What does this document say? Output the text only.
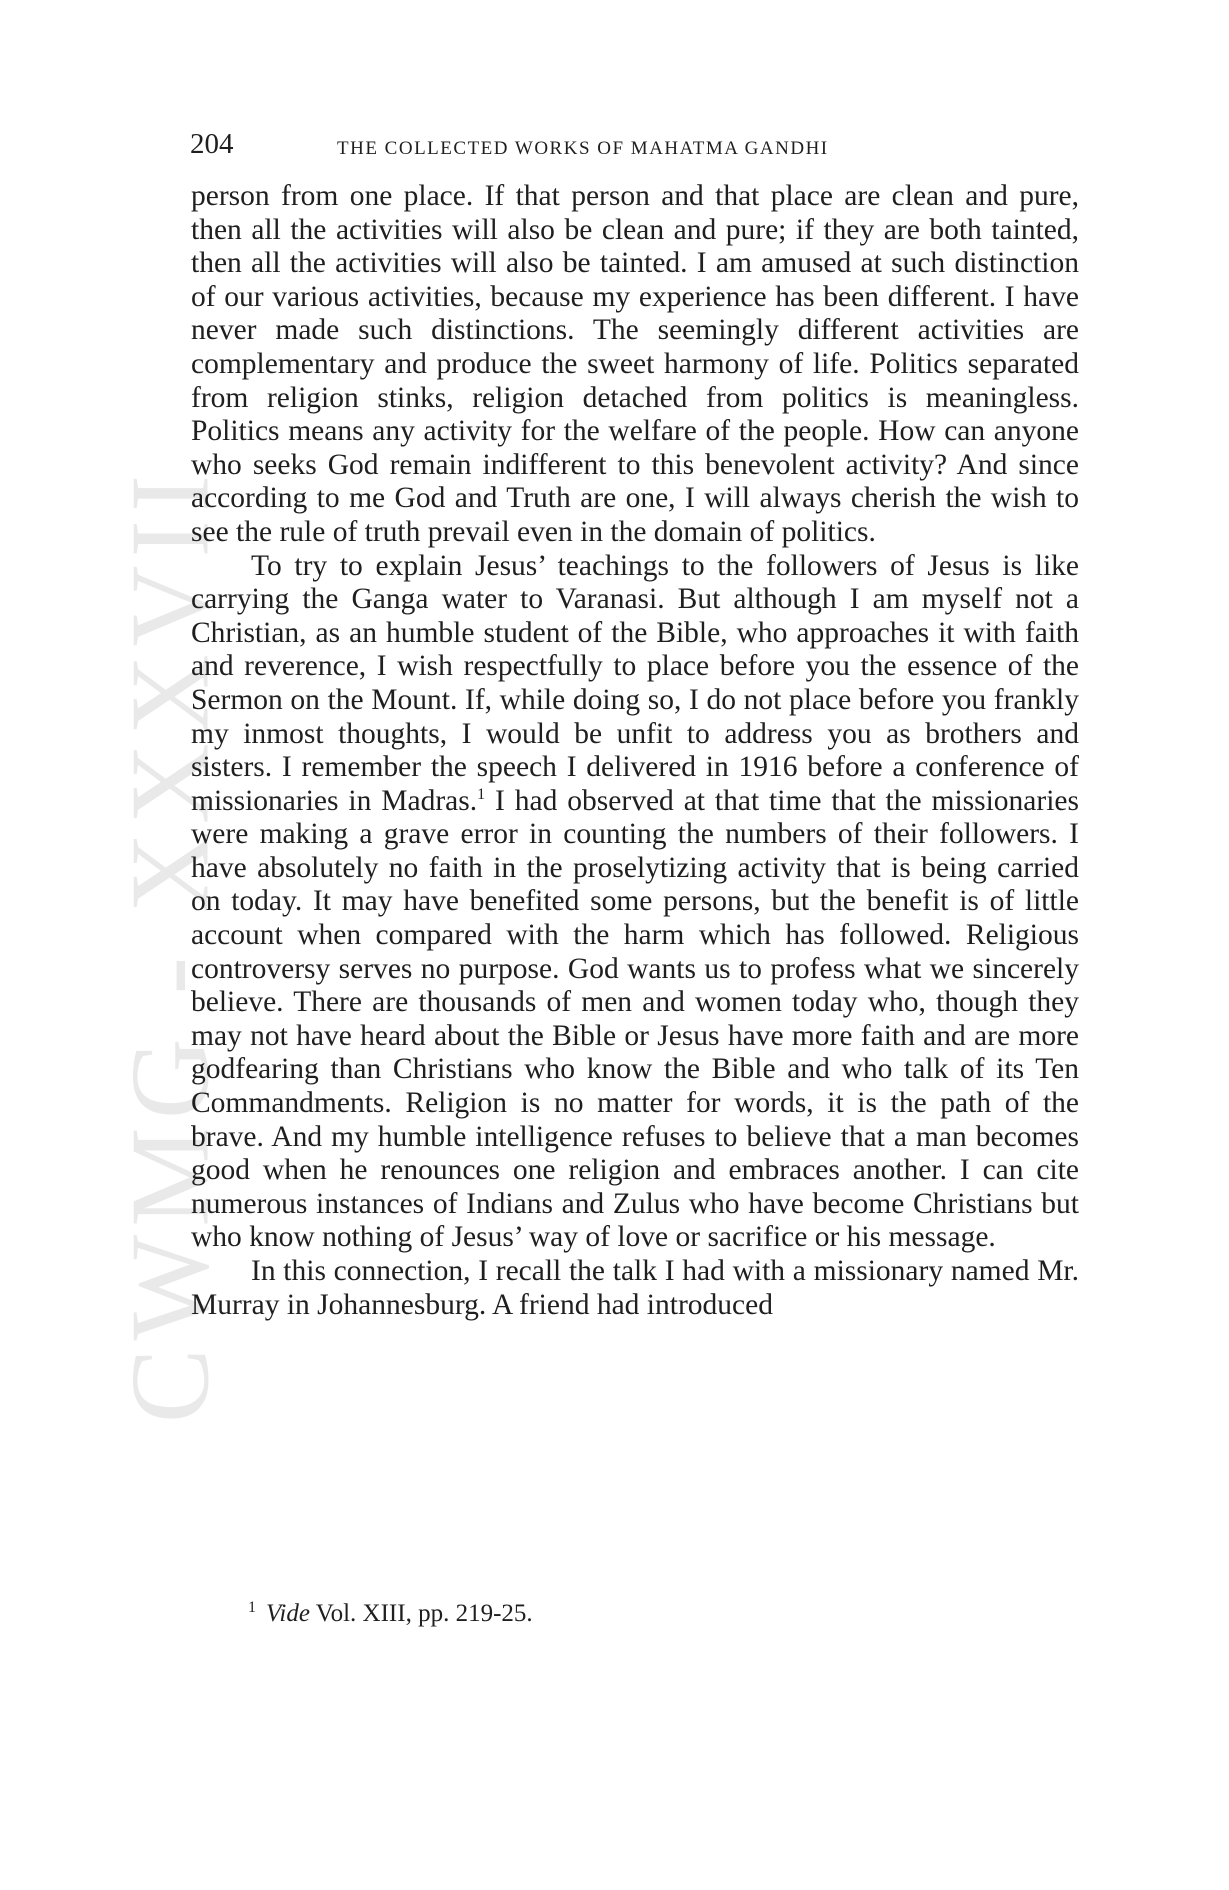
CWMG - XXXVII
204	THE COLLECTED WORKS OF MAHATMA GANDHI

person from one place. If that person and that place are clean and pure, then all the activities will also be clean and pure; if they are both tainted, then all the activities will also be tainted. I am amused at such distinction of our various activities, because my experience has been different. I have never made such distinctions. The seemingly different activities are complementary and produce the sweet harmony of life. Politics separated from religion stinks, religion detached from politics is meaningless. Politics means any activity for the welfare of the people. How can anyone who seeks God remain indifferent to this benevolent activity? And since according to me God and Truth are one, I will always cherish the wish to see the rule of truth prevail even in the domain of politics.

To try to explain Jesus’ teachings to the followers of Jesus is like carrying the Ganga water to Varanasi. But although I am myself not a Christian, as an humble student of the Bible, who approaches it with faith and reverence, I wish respectfully to place before you the essence of the Sermon on the Mount. If, while doing so, I do not place before you frankly my inmost thoughts, I would be unfit to address you as brothers and sisters. I remember the speech I delivered in 1916 before a conference of missionaries in Madras.$^1$ I had observed at that time that the missionaries were making a grave error in counting the numbers of their followers. I have absolutely no faith in the proselytizing activity that is being carried on today. It may have benefited some persons, but the benefit is of little account when compared with the harm which has followed. Religious controversy serves no purpose. God wants us to profess what we sincerely believe. There are thousands of men and women today who, though they may not have heard about the Bible or Jesus have more faith and are more godfearing than Christians who know the Bible and who talk of its Ten Commandments. Religion is no matter for words, it is the path of the brave. And my humble intelligence refuses to believe that a man becomes good when he renounces one religion and embraces another. I can cite numerous instances of Indians and Zulus who have become Christians but who know nothing of Jesus’ way of love or sacrifice or his message.

In this connection, I recall the talk I had with a missionary named Mr. Murray in Johannesburg. A friend had introduced

$^1$ Vide Vol. XIII, pp. 219-25.
